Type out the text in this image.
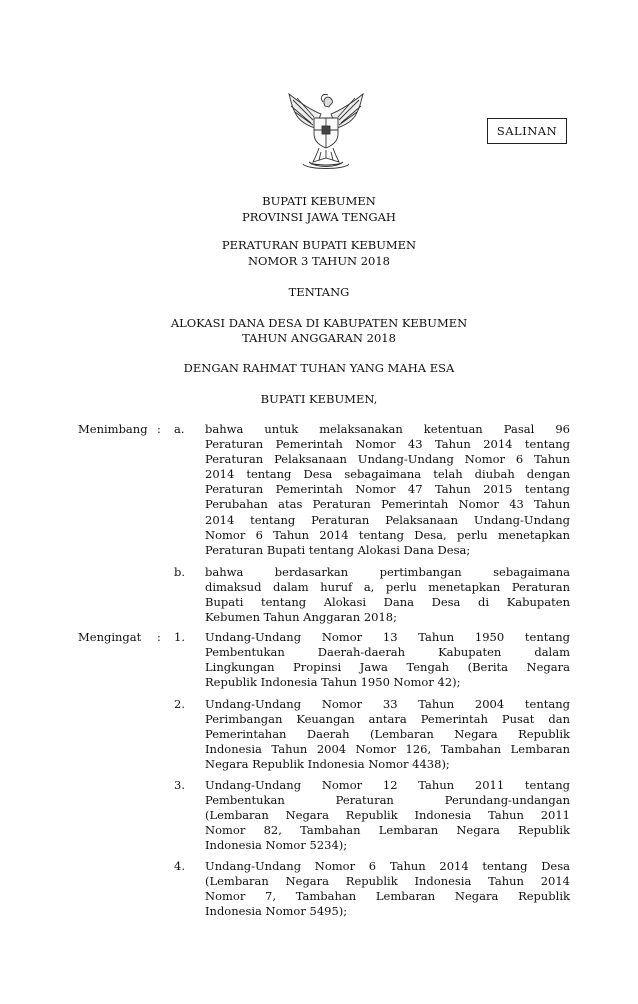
SALINAN
BUPATI KEBUMEN
PROVINSI JAWA TENGAH
PERATURAN BUPATI KEBUMEN
NOMOR 3 TAHUN 2018
TENTANG
ALOKASI DANA DESA DI KABUPATEN KEBUMEN
TAHUN ANGGARAN 2018
DENGAN RAHMAT TUHAN YANG MAHA ESA
BUPATI KEBUMEN,
Menimbang : a. bahwa untuk melaksanakan ketentuan Pasal 96
Peraturan Pemerintah Nomor 43 Tahun 2014 tentang
Peraturan Pelaksanaan Undang-Undang Nomor 6 Tahun
2014 tentang Desa sebagaimana telah diubah dengan
Peraturan Pemerintah Nomor 47 Tahun 2015 tentang
Perubahan atas Peraturan Pemerintah Nomor 43 Tahun
2014 tentang Peraturan Pelaksanaan Undang-Undang
Nomor 6 Tahun 2014 tentang Desa, perlu menetapkan
Peraturan Bupati tentang Alokasi Dana Desa;
b. bahwa berdasarkan pertimbangan sebagaimana
dimaksud dalam huruf a, perlu menetapkan Peraturan
Bupati tentang Alokasi Dana Desa di Kabupaten
Kebumen Tahun Anggaran 2018;
Mengingat : 1. Undang-Undang Nomor 13 Tahun 1950 tentang
Pembentukan Daerah-daerah Kabupaten dalam
Lingkungan Propinsi Jawa Tengah (Berita Negara
Republik Indonesia Tahun 1950 Nomor 42);
2. Undang-Undang Nomor 33 Tahun 2004 tentang
Perimbangan Keuangan antara Pemerintah Pusat dan
Pemerintahan Daerah (Lembaran Negara Republik
Indonesia Tahun 2004 Nomor 126, Tambahan Lembaran
Negara Republik Indonesia Nomor 4438);
3. Undang-Undang Nomor 12 Tahun 2011 tentang
Pembentukan Peraturan Perundang-undangan
(Lembaran Negara Republik Indonesia Tahun 2011
Nomor 82, Tambahan Lembaran Negara Republik
Indonesia Nomor 5234);
4. Undang-Undang Nomor 6 Tahun 2014 tentang Desa
(Lembaran Negara Republik Indonesia Tahun 2014
Nomor 7, Tambahan Lembaran Negara Republik
Indonesia Nomor 5495);
